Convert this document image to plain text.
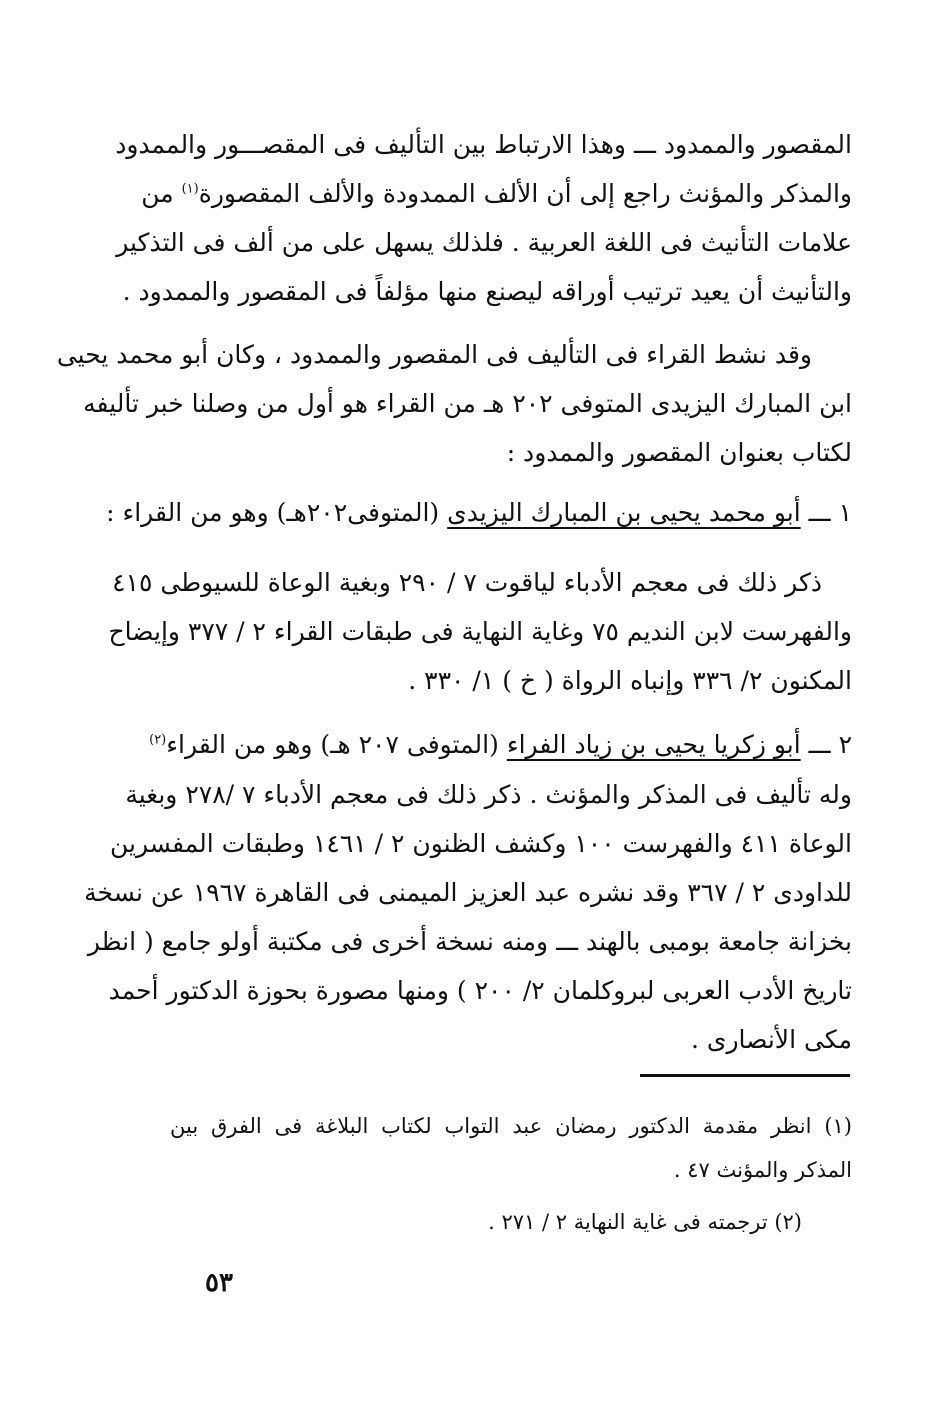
المقصور والممدود ـــ وهذا الارتباط بين التأليف فى المقصـــور والممدود
والمذكر والمؤنث راجع إلى أن الألف الممدودة والألف المقصورة$^{(١)}$ من
علامات التأنيث فى اللغة العربية . فلذلك يسهل على من ألف فى التذكير
والتأنيث أن يعيد ترتيب أوراقه ليصنع منها مؤلفاً فى المقصور والممدود .
وقد نشط القراء فى التأليف فى المقصور والممدود ، وكان أبو محمد يحيى
ابن المبارك اليزيدى المتوفى ٢٠٢ هـ من القراء هو أول من وصلنا خبر تأليفه
لكتاب بعنوان المقصور والممدود :
١ ـــ أبو محمد يحيى بن المبارك اليزيدى (المتوفى٢٠٢هـ) وهو من القراء :
ذكر ذلك فى معجم الأدباء لياقوت ٧ / ٢٩٠ وبغية الوعاة للسيوطى ٤١٥
والفهرست لابن النديم ٧٥ وغاية النهاية فى طبقات القراء ٢ / ٣٧٧ وإيضاح
المكنون ٢/ ٣٣٦ وإنباه الرواة ( خ ) ١/ ٣٣٠ .
٢ ـــ أبو زكريا يحيى بن زياد الفراء (المتوفى ٢٠٧ هـ) وهو من القراء$^{(٢)}$
وله تأليف فى المذكر والمؤنث . ذكر ذلك فى معجم الأدباء ٧ /٢٧٨ وبغية
الوعاة ٤١١ والفهرست ١٠٠ وكشف الظنون ٢ / ١٤٦١ وطبقات المفسرين
للداودى ٢ / ٣٦٧ وقد نشره عبد العزيز الميمنى فى القاهرة ١٩٦٧ عن نسخة
بخزانة جامعة بومبى بالهند ـــ ومنه نسخة أخرى فى مكتبة أولو جامع ( انظر
تاريخ الأدب العربى لبروكلمان ٢/ ٢٠٠ ) ومنها مصورة بحوزة الدكتور أحمد
مكى الأنصارى .
(١) انظر مقدمة الدكتور رمضان عبد التواب لكتاب البلاغة فى الفرق بين
المذكر والمؤنث ٤٧ .
(٢) ترجمته فى غاية النهاية ٢ / ٢٧١ .
٥٣
